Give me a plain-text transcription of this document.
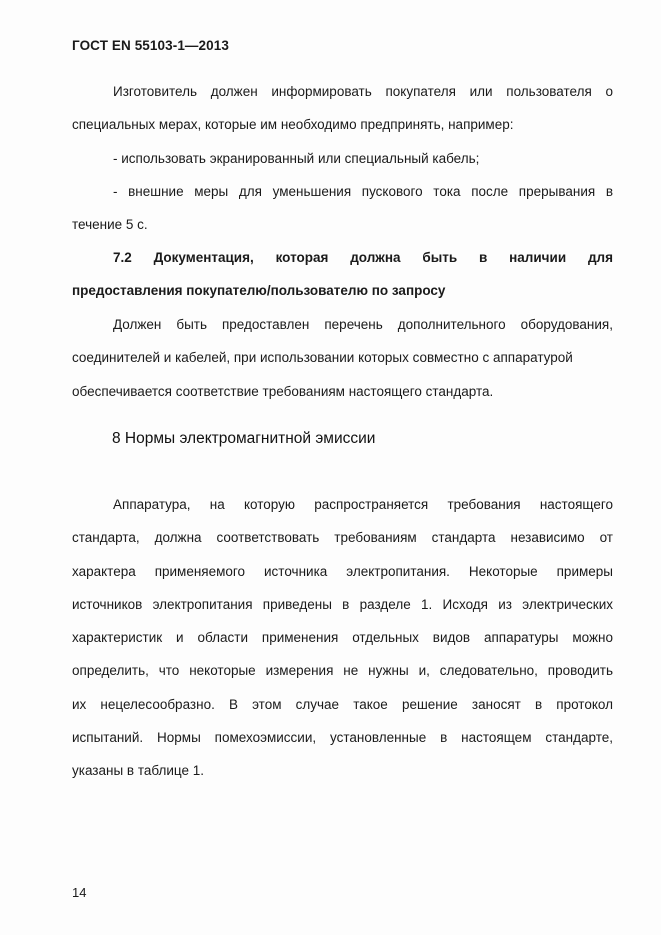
ГОСТ EN 55103-1—2013
Изготовитель должен информировать покупателя или пользователя о
специальных мерах, которые им необходимо предпринять, например:
- использовать экранированный или специальный кабель;
- внешние меры для уменьшения пускового тока после прерывания в
течение 5 с.
7.2 Документация, которая должна быть в наличии для
предоставления покупателю/пользователю по запросу
Должен быть предоставлен перечень дополнительного оборудования,
соединителей и кабелей, при использовании которых совместно с аппаратурой
обеспечивается соответствие требованиям настоящего стандарта.
8 Нормы электромагнитной эмиссии
Аппаратура, на которую распространяется требования настоящего
стандарта, должна соответствовать требованиям стандарта независимо от
характера применяемого источника электропитания. Некоторые примеры
источников электропитания приведены в разделе 1. Исходя из электрических
характеристик и области применения отдельных видов аппаратуры можно
определить, что некоторые измерения не нужны и, следовательно, проводить
их нецелесообразно. В этом случае такое решение заносят в протокол
испытаний. Нормы помехоэмиссии, установленные в настоящем стандарте,
указаны в таблице 1.
14
